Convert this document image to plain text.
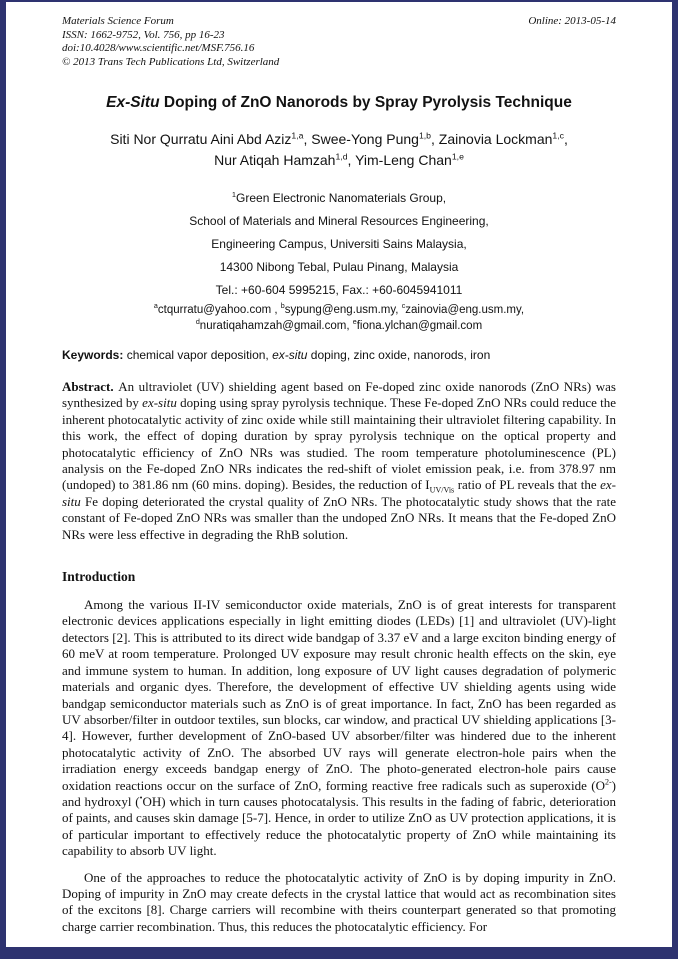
Materials Science Forum	Online: 2013-05-14
ISSN: 1662-9752, Vol. 756, pp 16-23
doi:10.4028/www.scientific.net/MSF.756.16
© 2013 Trans Tech Publications Ltd, Switzerland
Ex-Situ Doping of ZnO Nanorods by Spray Pyrolysis Technique
Siti Nor Qurratu Aini Abd Aziz$^{1,a}$, Swee-Yong Pung$^{1,b}$, Zainovia Lockman$^{1,c}$,
Nur Atiqah Hamzah$^{1,d}$, Yim-Leng Chan$^{1,e}$
$^1$Green Electronic Nanomaterials Group,
School of Materials and Mineral Resources Engineering,
Engineering Campus, Universiti Sains Malaysia,
14300 Nibong Tebal, Pulau Pinang, Malaysia
Tel.: +60-604 5995215, Fax.: +60-6045941011
$^a$ctqurratu@yahoo.com , $^b$sypung@eng.usm.my, $^c$zainovia@eng.usm.my,
$^d$nuratiqahamzah@gmail.com, $^e$fiona.ylchan@gmail.com
Keywords: chemical vapor deposition, ex-situ doping, zinc oxide, nanorods, iron
Abstract. An ultraviolet (UV) shielding agent based on Fe-doped zinc oxide nanorods (ZnO NRs) was synthesized by ex-situ doping using spray pyrolysis technique. These Fe-doped ZnO NRs could reduce the inherent photocatalytic activity of zinc oxide while still maintaining their ultraviolet filtering capability. In this work, the effect of doping duration by spray pyrolysis technique on the optical property and photocatalytic efficiency of ZnO NRs was studied. The room temperature photoluminescence (PL) analysis on the Fe-doped ZnO NRs indicates the red-shift of violet emission peak, i.e. from 378.97 nm (undoped) to 381.86 nm (60 mins. doping). Besides, the reduction of $I_{UV/Vis}$ ratio of PL reveals that the ex-situ Fe doping deteriorated the crystal quality of ZnO NRs. The photocatalytic study shows that the rate constant of Fe-doped ZnO NRs was smaller than the undoped ZnO NRs. It means that the Fe-doped ZnO NRs were less effective in degrading the RhB solution.
Introduction
Among the various II-IV semiconductor oxide materials, ZnO is of great interests for transparent electronic devices applications especially in light emitting diodes (LEDs) [1] and ultraviolet (UV)-light detectors [2]. This is attributed to its direct wide bandgap of 3.37 eV and a large exciton binding energy of 60 meV at room temperature. Prolonged UV exposure may result chronic health effects on the skin, eye and immune system to human. In addition, long exposure of UV light causes degradation of polymeric materials and organic dyes. Therefore, the development of effective UV shielding agents using wide bandgap semiconductor materials such as ZnO is of great importance. In fact, ZnO has been regarded as UV absorber/filter in outdoor textiles, sun blocks, car window, and practical UV shielding applications [3-4]. However, further development of ZnO-based UV absorber/filter was hindered due to the inherent photocatalytic activity of ZnO. The absorbed UV rays will generate electron-hole pairs when the irradiation energy exceeds bandgap energy of ZnO. The photo-generated electron-hole pairs cause oxidation reactions occur on the surface of ZnO, forming reactive free radicals such as superoxide $(O^{2-})$ and hydroxyl (•OH) which in turn causes photocatalysis. This results in the fading of fabric, deterioration of paints, and causes skin damage [5-7]. Hence, in order to utilize ZnO as UV protection applications, it is of particular important to effectively reduce the photocatalytic property of ZnO while maintaining its capability to absorb UV light.
One of the approaches to reduce the photocatalytic activity of ZnO is by doping impurity in ZnO. Doping of impurity in ZnO may create defects in the crystal lattice that would act as recombination sites of the excitons [8]. Charge carriers will recombine with theirs counterpart generated so that promoting charge carrier recombination. Thus, this reduces the photocatalytic efficiency. For
